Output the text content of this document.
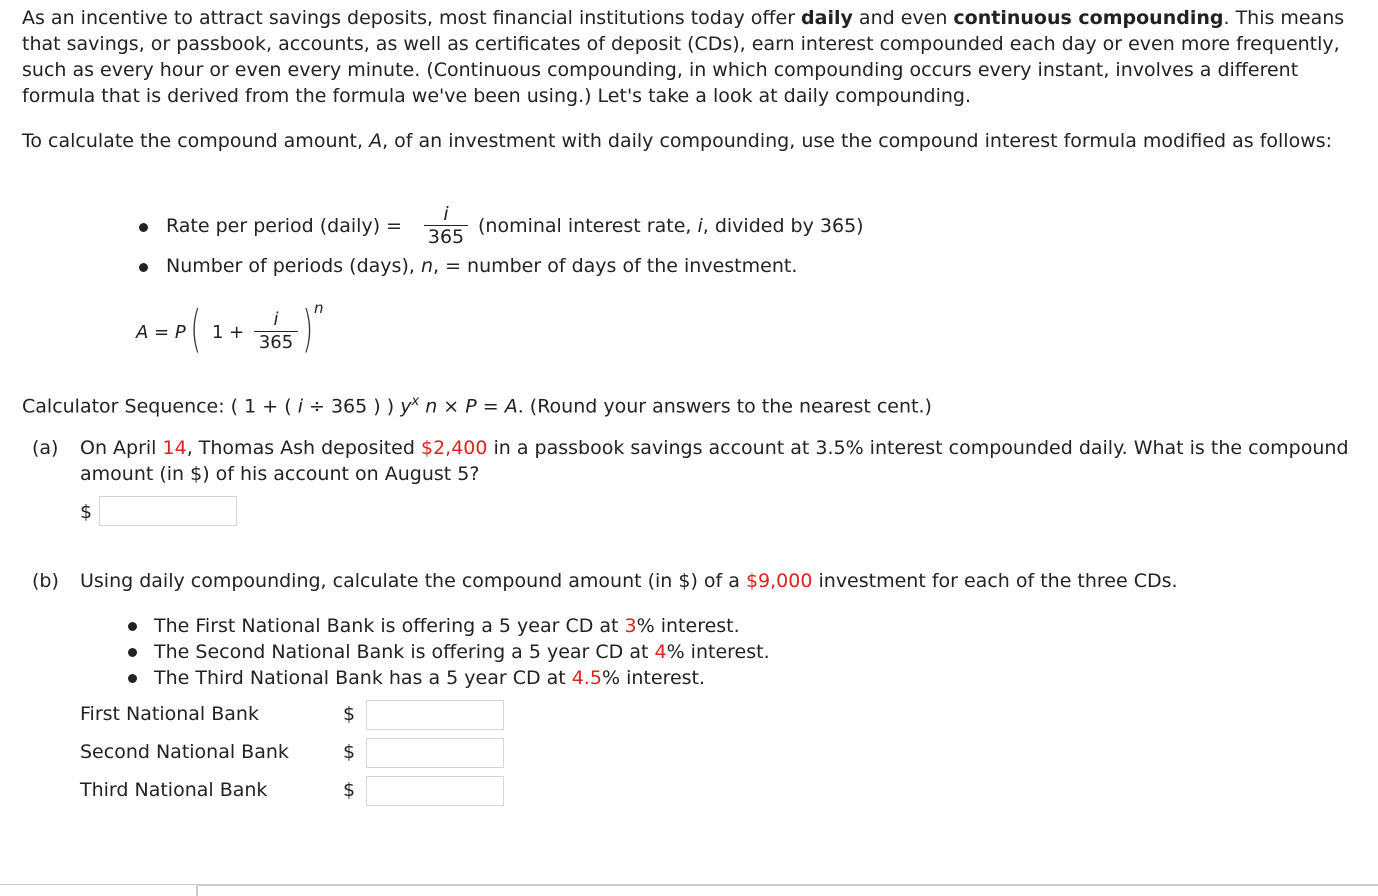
As an incentive to attract savings deposits, most financial institutions today offer daily and even continuous compounding. This means that savings, or passbook, accounts, as well as certificates of deposit (CDs), earn interest compounded each day or even more frequently, such as every hour or even every minute. (Continuous compounding, in which compounding occurs every instant, involves a different formula that is derived from the formula we've been using.) Let's take a look at daily compounding.

To calculate the compound amount, A, of an investment with daily compounding, use the compound interest formula modified as follows:

Rate per period (daily) =
i
365 (nominal interest rate, i, divided by 365)
Number of periods (days), n, = number of days of the investment.
A = P ( 1 +
i
365 ) n
Calculator Sequence: ( 1 + ( i ÷ 365 ) ) $y^x$ n × P = A. (Round your answers to the nearest cent.)
(a) On April 14, Thomas Ash deposited $2,400 in a passbook savings account at 3.5% interest compounded daily. What is the compound amount (in $) of his account on August 5?

$
(b) Using daily compounding, calculate the compound amount (in $) of a $9,000 investment for each of the three CDs.
The First National Bank is offering a 5 year CD at 3% interest.
The Second National Bank is offering a 5 year CD at 4% interest.
The Third National Bank has a 5 year CD at 4.5% interest.
First National Bank	$
Second National Bank	$
Third National Bank	$
